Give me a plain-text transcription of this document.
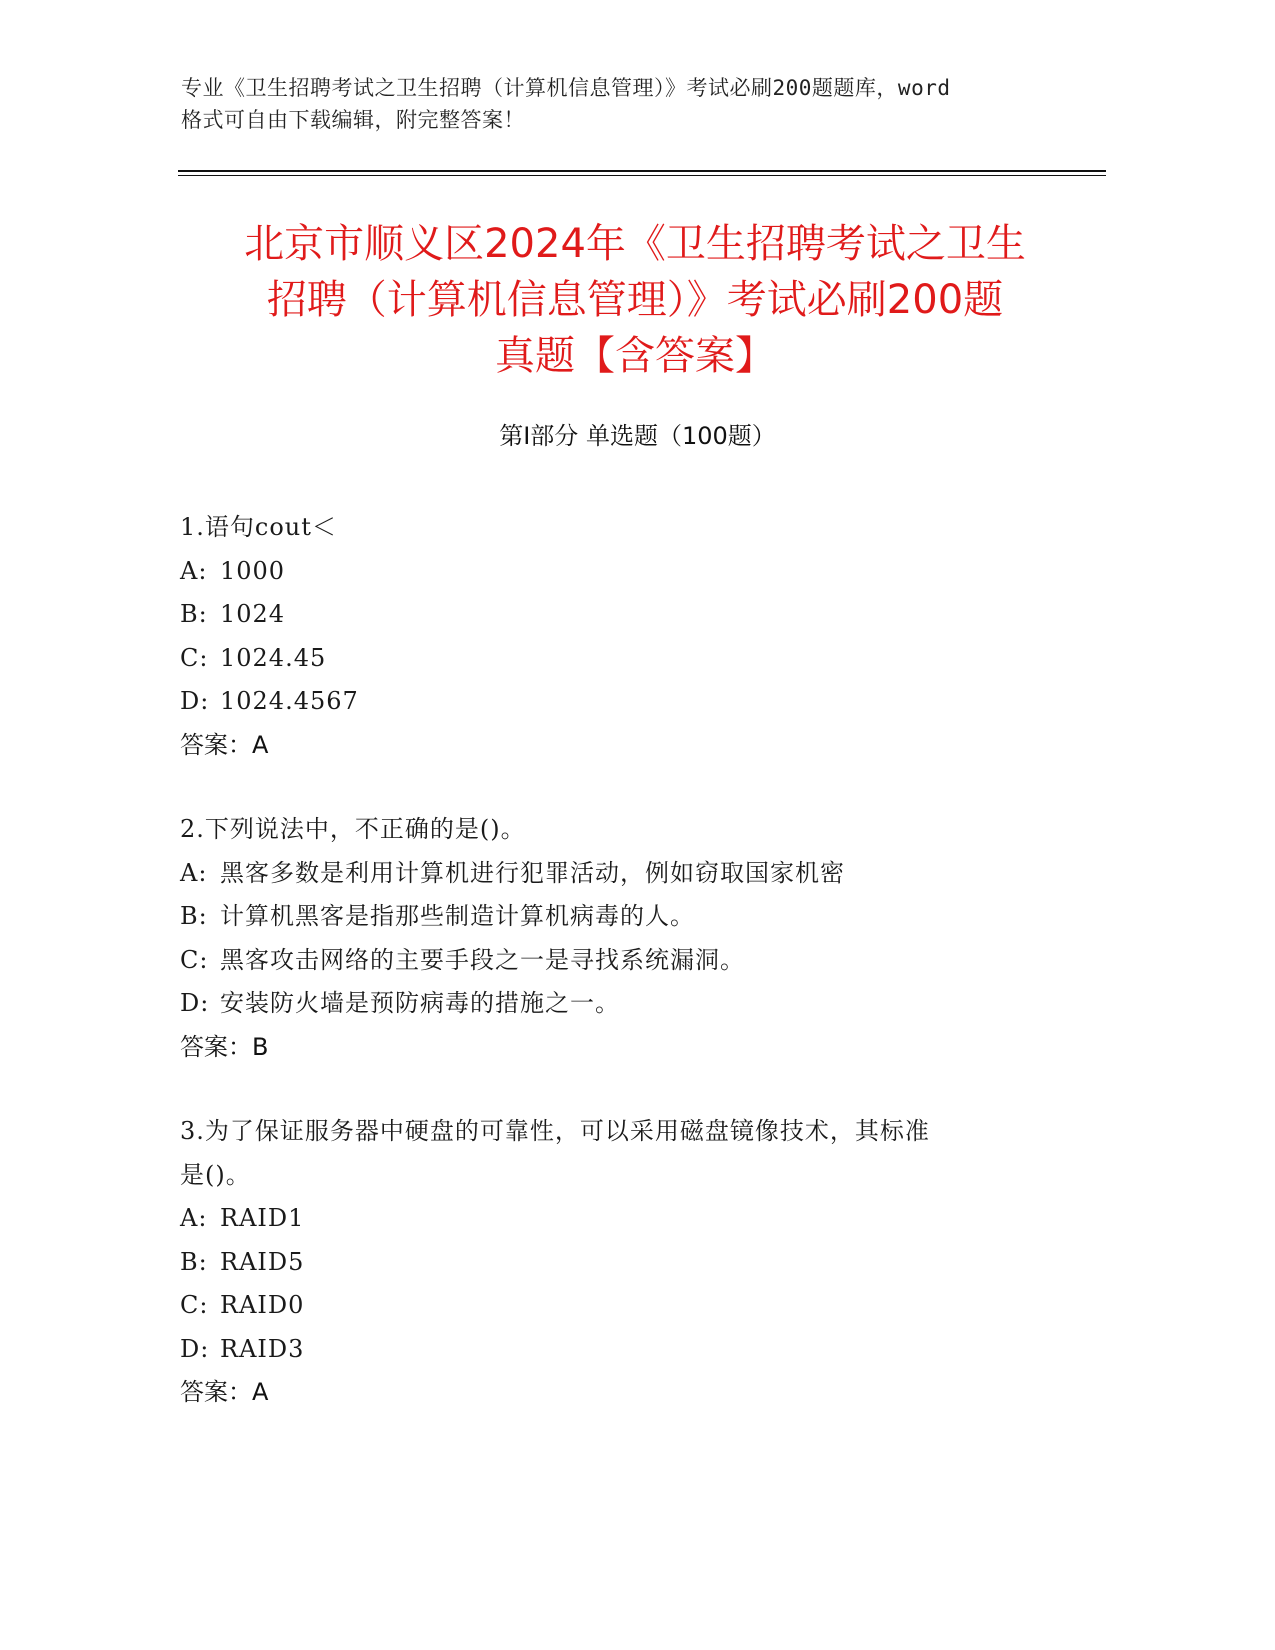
专业《卫生招聘考试之卫生招聘（计算机信息管理）》考试必刷200题题库，word
格式可自由下载编辑，附完整答案！
北京市顺义区2024年《卫生招聘考试之卫生
招聘（计算机信息管理）》考试必刷200题
真题【含答案】
第Ⅰ部分 单选题（100题）
1.语句cout＜
A: 1000
B: 1024
C: 1024.45
D: 1024.4567
答案：A
2.下列说法中，不正确的是()。
A: 黑客多数是利用计算机进行犯罪活动，例如窃取国家机密
B: 计算机黑客是指那些制造计算机病毒的人。
C: 黑客攻击网络的主要手段之一是寻找系统漏洞。
D: 安装防火墙是预防病毒的措施之一。
答案：B
3.为了保证服务器中硬盘的可靠性，可以采用磁盘镜像技术，其标准
是()。
A: RAID1
B: RAID5
C: RAID0
D: RAID3
答案：A
